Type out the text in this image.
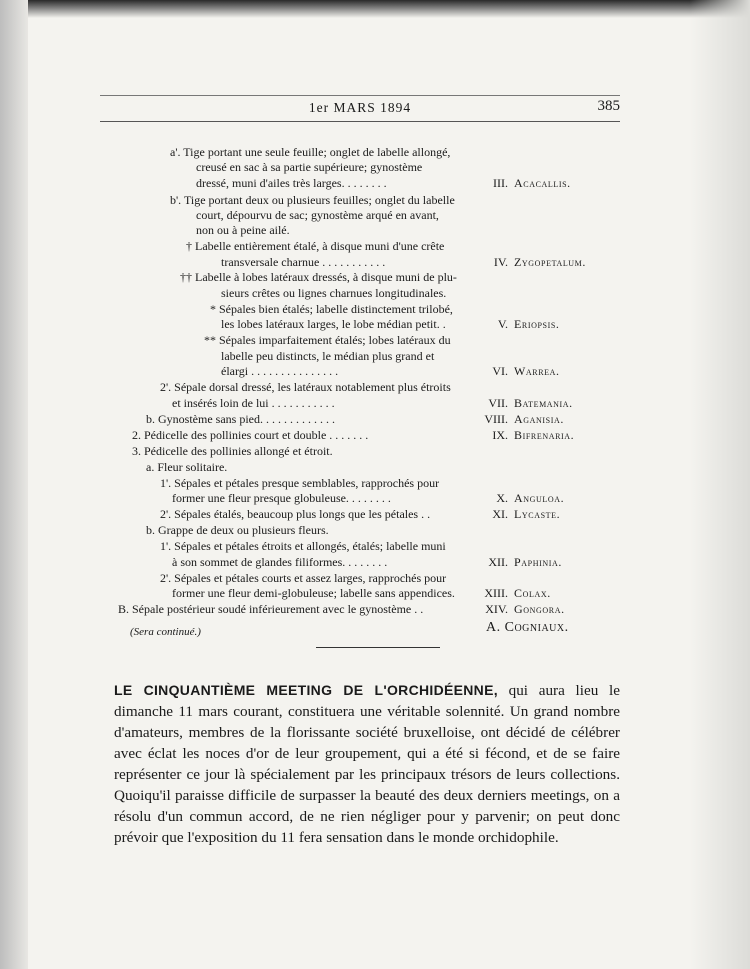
1er MARS 1894	385
a'. Tige portant une seule feuille; onglet de labelle allongé,
creusé en sac à sa partie supérieure; gynostème
dressé, muni d'ailes très larges. . . . . . . .
b'. Tige portant deux ou plusieurs feuilles; onglet du labelle
court, dépourvu de sac; gynostème arqué en avant,
non ou à peine ailé.
† Labelle entièrement étalé, à disque muni d'une crête
transversale charnue . . . . . . . . . . .
†† Labelle à lobes latéraux dressés, à disque muni de plu-
sieurs crêtes ou lignes charnues longitudinales.
* Sépales bien étalés; labelle distinctement trilobé,
les lobes latéraux larges, le lobe médian petit. .
** Sépales imparfaitement étalés; lobes latéraux du
labelle peu distincts, le médian plus grand et
élargi . . . . . . . . . . . . . . .
2'. Sépale dorsal dressé, les latéraux notablement plus étroits
et insérés loin de lui . . . . . . . . . . .
b. Gynostème sans pied. . . . . . . . . . . . .
2. Pédicelle des pollinies court et double . . . . . . .
3. Pédicelle des pollinies allongé et étroit.
a. Fleur solitaire.
1'. Sépales et pétales presque semblables, rapprochés pour
former une fleur presque globuleuse. . . . . . . .
2'. Sépales étalés, beaucoup plus longs que les pétales . .
b. Grappe de deux ou plusieurs fleurs.
1'. Sépales et pétales étroits et allongés, étalés; labelle muni
à son sommet de glandes filiformes. . . . . . . .
2'. Sépales et pétales courts et assez larges, rapprochés pour
former une fleur demi-globuleuse; labelle sans appendices.
B. Sépale postérieur soudé inférieurement avec le gynostème . .
III. Acacallis.
IV. Zygopetalum.
V. Eriopsis.
VI. Warrea.
VII. Batemania.
VIII. Aganisia.
IX. Bifrenaria.
X. Anguloa.
XI. Lycaste.
XII. Paphinia.
XIII. Colax.
XIV. Gongora.
(Sera continué.)	A. Cogniaux.
LE CINQUANTIÈME MEETING DE L'ORCHIDÉENNE, qui aura lieu le dimanche 11 mars courant, constituera une véritable solennité. Un grand nombre d'amateurs, membres de la florissante société bruxelloise, ont décidé de célébrer avec éclat les noces d'or de leur groupement, qui a été si fécond, et de se faire représenter ce jour là spécialement par les principaux trésors de leurs collections. Quoiqu'il paraisse difficile de surpasser la beauté des deux derniers meetings, on a résolu d'un commun accord, de ne rien négliger pour y parvenir; on peut donc prévoir que l'exposition du 11 fera sensation dans le monde orchidophile.
